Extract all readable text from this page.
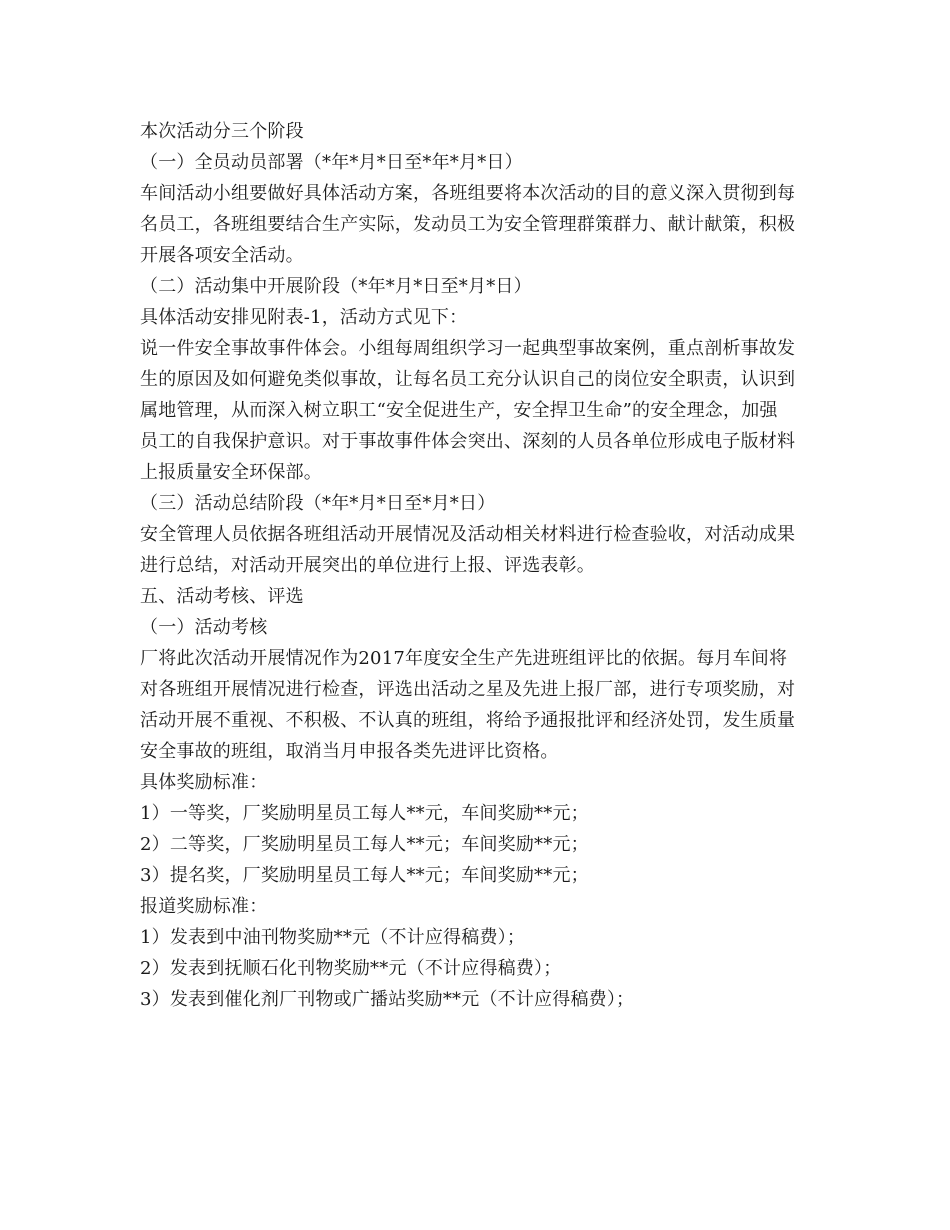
本次活动分三个阶段
（一）全员动员部署（*年*月*日至*年*月*日）
车间活动小组要做好具体活动方案，各班组要将本次活动的目的意义深入贯彻到每
名员工，各班组要结合生产实际，发动员工为安全管理群策群力、献计献策，积极
开展各项安全活动。
（二）活动集中开展阶段（*年*月*日至*月*日）
具体活动安排见附表-1，活动方式见下：
说一件安全事故事件体会。小组每周组织学习一起典型事故案例，重点剖析事故发
生的原因及如何避免类似事故，让每名员工充分认识自己的岗位安全职责，认识到
属地管理，从而深入树立职工“安全促进生产，安全捍卫生命”的安全理念，加强
员工的自我保护意识。对于事故事件体会突出、深刻的人员各单位形成电子版材料
上报质量安全环保部。
（三）活动总结阶段（*年*月*日至*月*日）
安全管理人员依据各班组活动开展情况及活动相关材料进行检查验收，对活动成果
进行总结，对活动开展突出的单位进行上报、评选表彰。
五、活动考核、评选
（一）活动考核
厂将此次活动开展情况作为2017年度安全生产先进班组评比的依据。每月车间将
对各班组开展情况进行检查，评选出活动之星及先进上报厂部，进行专项奖励，对
活动开展不重视、不积极、不认真的班组，将给予通报批评和经济处罚，发生质量
安全事故的班组，取消当月申报各类先进评比资格。
具体奖励标准：
1）一等奖，厂奖励明星员工每人**元，车间奖励**元；
2）二等奖，厂奖励明星员工每人**元；车间奖励**元；
3）提名奖，厂奖励明星员工每人**元；车间奖励**元；
报道奖励标准：
1）发表到中油刊物奖励**元（不计应得稿费）；
2）发表到抚顺石化刊物奖励**元（不计应得稿费）；
3）发表到催化剂厂刊物或广播站奖励**元（不计应得稿费）；
